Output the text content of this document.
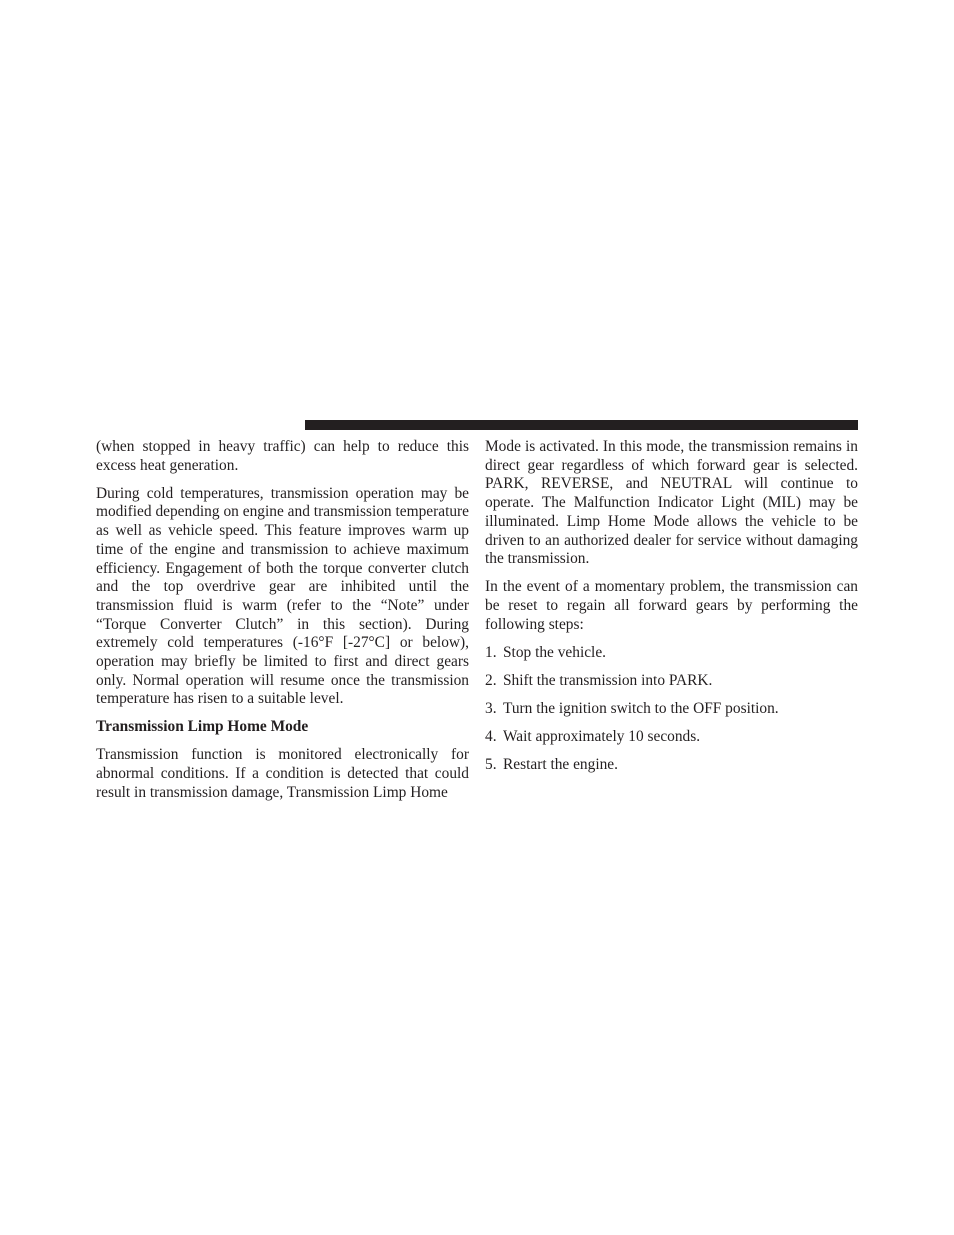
(when stopped in heavy traffic) can help to reduce this excess heat generation.

During cold temperatures, transmission operation may be modified depending on engine and transmission temperature as well as vehicle speed. This feature improves warm up time of the engine and transmission to achieve maximum efficiency. Engagement of both the torque converter clutch and the top overdrive gear are inhibited until the transmission fluid is warm (refer to the “Note” under “Torque Converter Clutch” in this section). During extremely cold temperatures (-16°F [-27°C] or below), operation may briefly be limited to first and direct gears only. Normal operation will resume once the transmission temperature has risen to a suitable level.

Transmission Limp Home Mode

Transmission function is monitored electronically for abnormal conditions. If a condition is detected that could result in transmission damage, Transmission Limp Home

Mode is activated. In this mode, the transmission remains in direct gear regardless of which forward gear is selected. PARK, REVERSE, and NEUTRAL will continue to operate. The Malfunction Indicator Light (MIL) may be illuminated. Limp Home Mode allows the vehicle to be driven to an authorized dealer for service without damaging the transmission.

In the event of a momentary problem, the transmission can be reset to regain all forward gears by performing the following steps:

1. Stop the vehicle.
2. Shift the transmission into PARK.
3. Turn the ignition switch to the OFF position.
4. Wait approximately 10 seconds.
5. Restart the engine.
